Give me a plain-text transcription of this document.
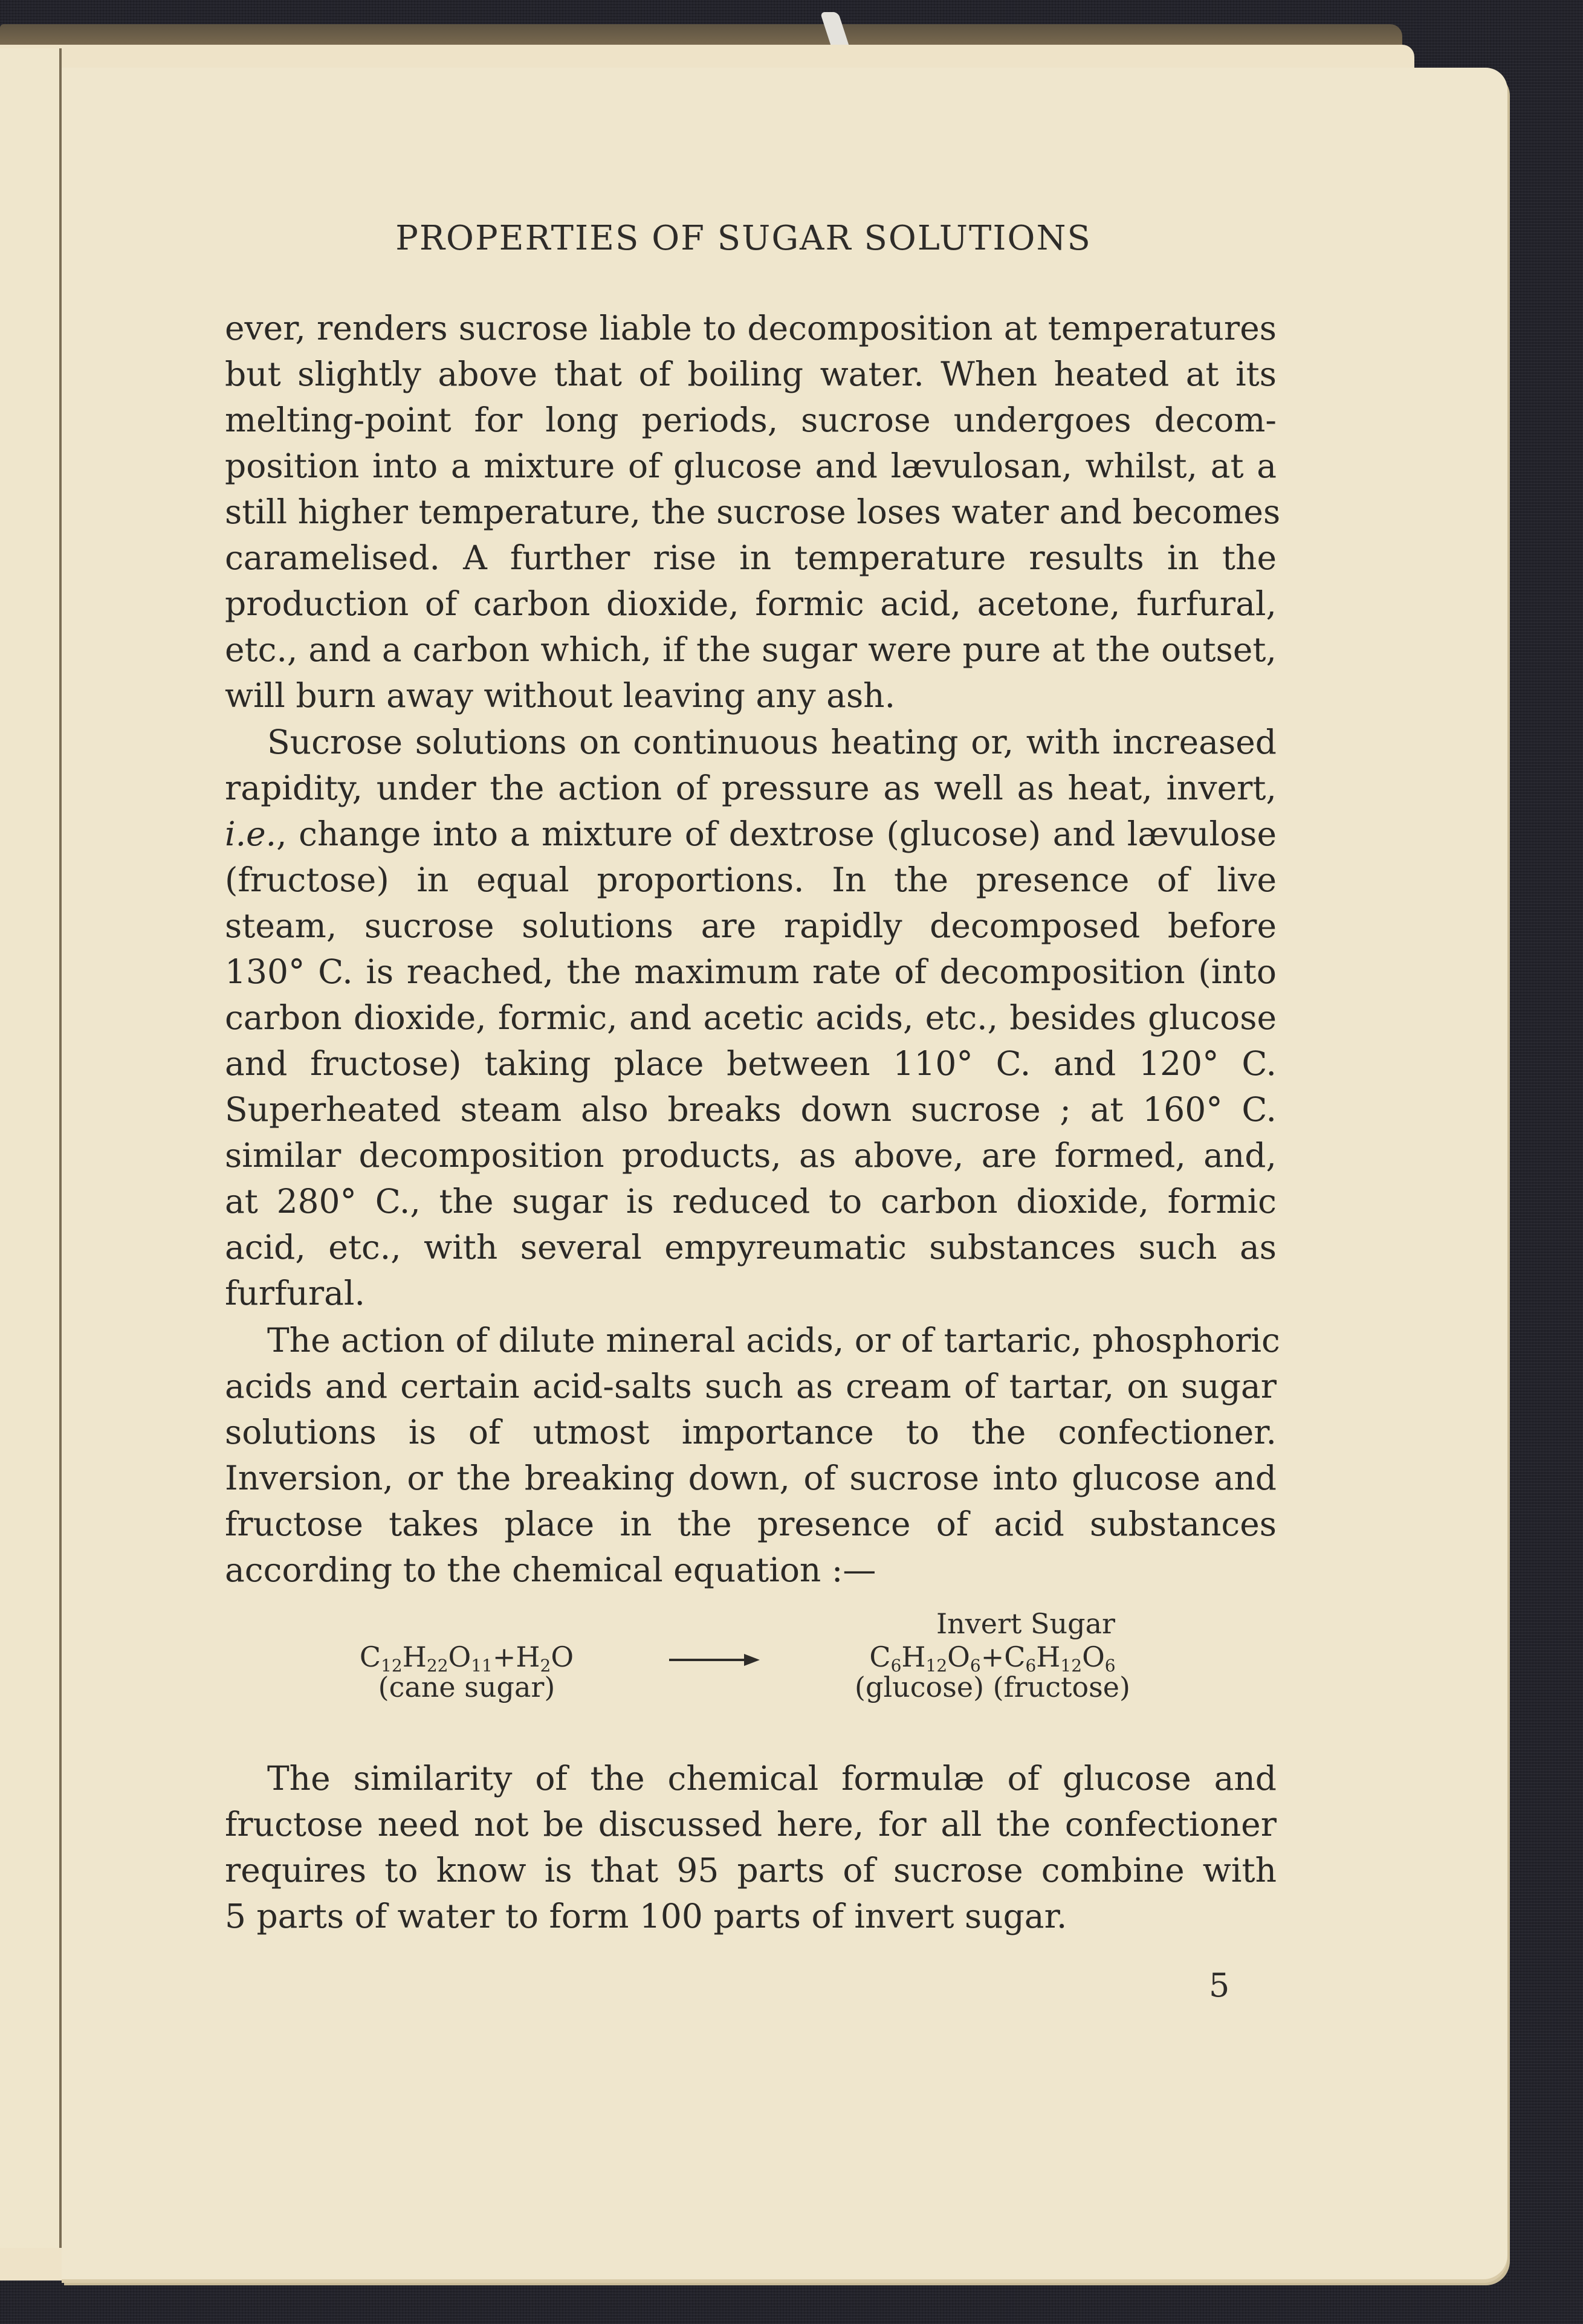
PROPERTIES OF SUGAR SOLUTIONS
ever, renders sucrose liable to decomposition at temperatures
but slightly above that of boiling water. When heated at its
melting-point for long periods, sucrose undergoes decom-
position into a mixture of glucose and lævulosan, whilst, at a
still higher temperature, the sucrose loses water and becomes
caramelised. A further rise in temperature results in the
production of carbon dioxide, formic acid, acetone, furfural,
etc., and a carbon which, if the sugar were pure at the outset,
will burn away without leaving any ash.
Sucrose solutions on continuous heating or, with increased
rapidity, under the action of pressure as well as heat, invert,
i.e., change into a mixture of dextrose (glucose) and lævulose
(fructose) in equal proportions. In the presence of live
steam, sucrose solutions are rapidly decomposed before
130° C. is reached, the maximum rate of decomposition (into
carbon dioxide, formic, and acetic acids, etc., besides glucose
and fructose) taking place between 110° C. and 120° C.
Superheated steam also breaks down sucrose ; at 160° C.
similar decomposition products, as above, are formed, and,
at 280° C., the sugar is reduced to carbon dioxide, formic
acid, etc., with several empyreumatic substances such as
furfural.
The action of dilute mineral acids, or of tartaric, phosphoric
acids and certain acid-salts such as cream of tartar, on sugar
solutions is of utmost importance to the confectioner.
Inversion, or the breaking down, of sucrose into glucose and
fructose takes place in the presence of acid substances
according to the chemical equation :—
Invert Sugar
$C_{12}H_{22}O_{11}+H_2O$
(cane sugar)
$C_6H_{12}O_6+C_6H_{12}O_6$
(glucose) (fructose)
The similarity of the chemical formulæ of glucose and
fructose need not be discussed here, for all the confectioner
requires to know is that 95 parts of sucrose combine with
5 parts of water to form 100 parts of invert sugar.
5
